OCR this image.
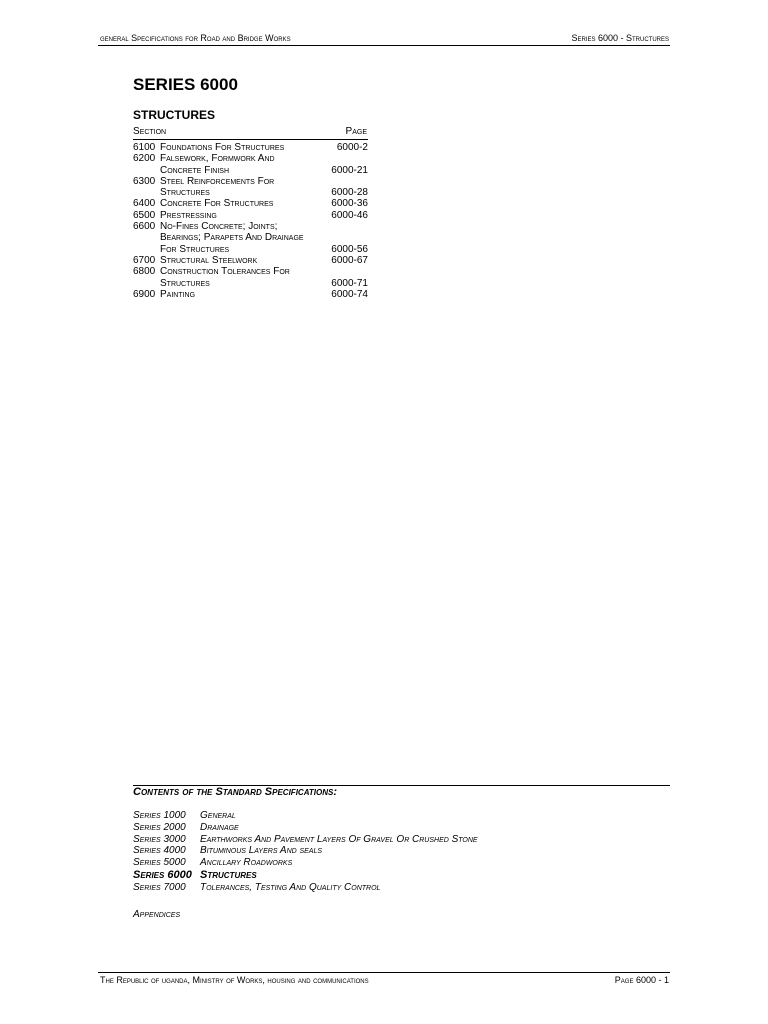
general Specifications for Road and Bridge Works	Series 6000 - Structures
SERIES 6000
STRUCTURES
Section	Page
6100 Foundations For Structures	6000-2
6200 Falsework, Formwork And
Concrete Finish	6000-21
6300 Steel Reinforcements For
Structures	6000-28
6400 Concrete For Structures	6000-36
6500 Prestressing	6000-46
6600 No-Fines Concrete; Joints;
Bearings; Parapets And Drainage
For Structures	6000-56
6700 Structural Steelwork	6000-67
6800 Construction Tolerances For
Structures	6000-71
6900 Painting	6000-74
Contents of the Standard Specifications:
Series 1000	General
Series 2000	Drainage
Series 3000	Earthworks And Pavement Layers Of Gravel Or Crushed Stone
Series 4000	Bituminous Layers And seals
Series 5000	Ancillary Roadworks
Series 6000 Structures
Series 7000	Tolerances, Testing And Quality Control
Appendices
The Republic of uganda, Ministry of Works, housing and communications	Page 6000 - 1
